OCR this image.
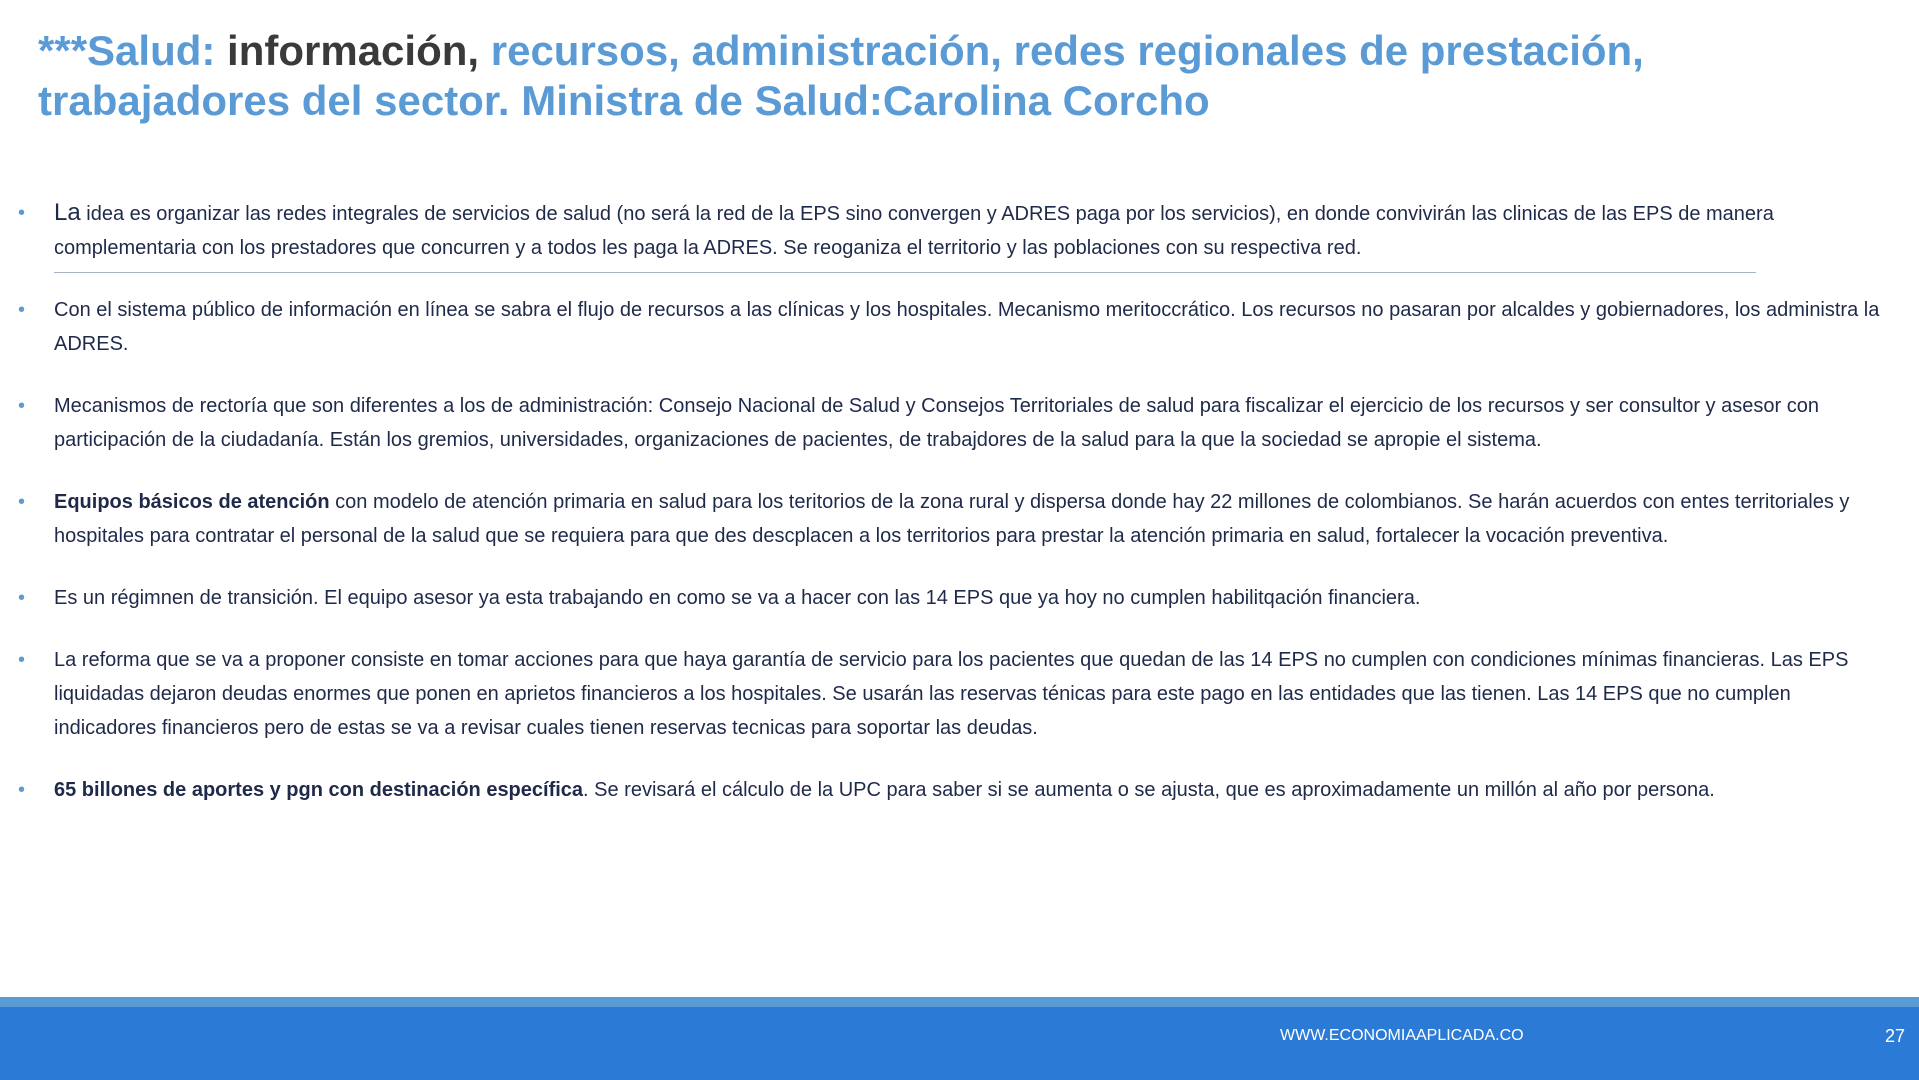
***Salud: información, recursos, administración, redes regionales de prestación, trabajadores del sector. Ministra de Salud:Carolina Corcho
• La idea es organizar las redes integrales de servicios de salud (no será la red de la EPS sino convergen y ADRES paga por los servicios), en donde convivirán las clinicas de las EPS de manera complementaria con los prestadores que concurren y a todos les paga la ADRES. Se reoganiza el territorio y las poblaciones con su respectiva red.
• Con el sistema público de información en línea se sabra el flujo de recursos a las clínicas y los hospitales. Mecanismo meritoccrático. Los recursos no pasaran por alcaldes y gobiernadores, los administra la ADRES.
• Mecanismos de rectoría que son diferentes a los de administración: Consejo Nacional de Salud y Consejos Territoriales de salud para fiscalizar el ejercicio de los recursos y ser consultor y asesor con participación de la ciudadanía. Están los gremios, universidades, organizaciones de pacientes, de trabajdores de la salud para la que la sociedad se apropie el sistema.
• Equipos básicos de atención con modelo de atención primaria en salud para los teritorios de la zona rural y dispersa donde hay 22 millones de colombianos. Se harán acuerdos con entes territoriales y hospitales para contratar el personal de la salud que se requiera para que des descplacen a los territorios para prestar la atención primaria en salud, fortalecer la vocación preventiva.
• Es un régimnen de transición. El equipo asesor ya esta trabajando en como se va a hacer con las 14 EPS que ya hoy no cumplen habilitqación financiera.
• La reforma que se va a proponer consiste en tomar acciones para que haya garantía de servicio para los pacientes que quedan de las 14 EPS no cumplen con condiciones mínimas financieras. Las EPS liquidadas dejaron deudas enormes que ponen en aprietos financieros a los hospitales. Se usarán las reservas ténicas para este pago en las entidades que las tienen. Las 14 EPS que no cumplen indicadores financieros pero de estas se va a revisar cuales tienen reservas tecnicas para soportar las deudas.
• 65 billones de aportes y pgn con destinación específica. Se revisará el cálculo de la UPC para saber si se aumenta o se ajusta, que es aproximadamente un millón al año por persona.
WWW.ECONOMIAAPLICADA.CO	27
